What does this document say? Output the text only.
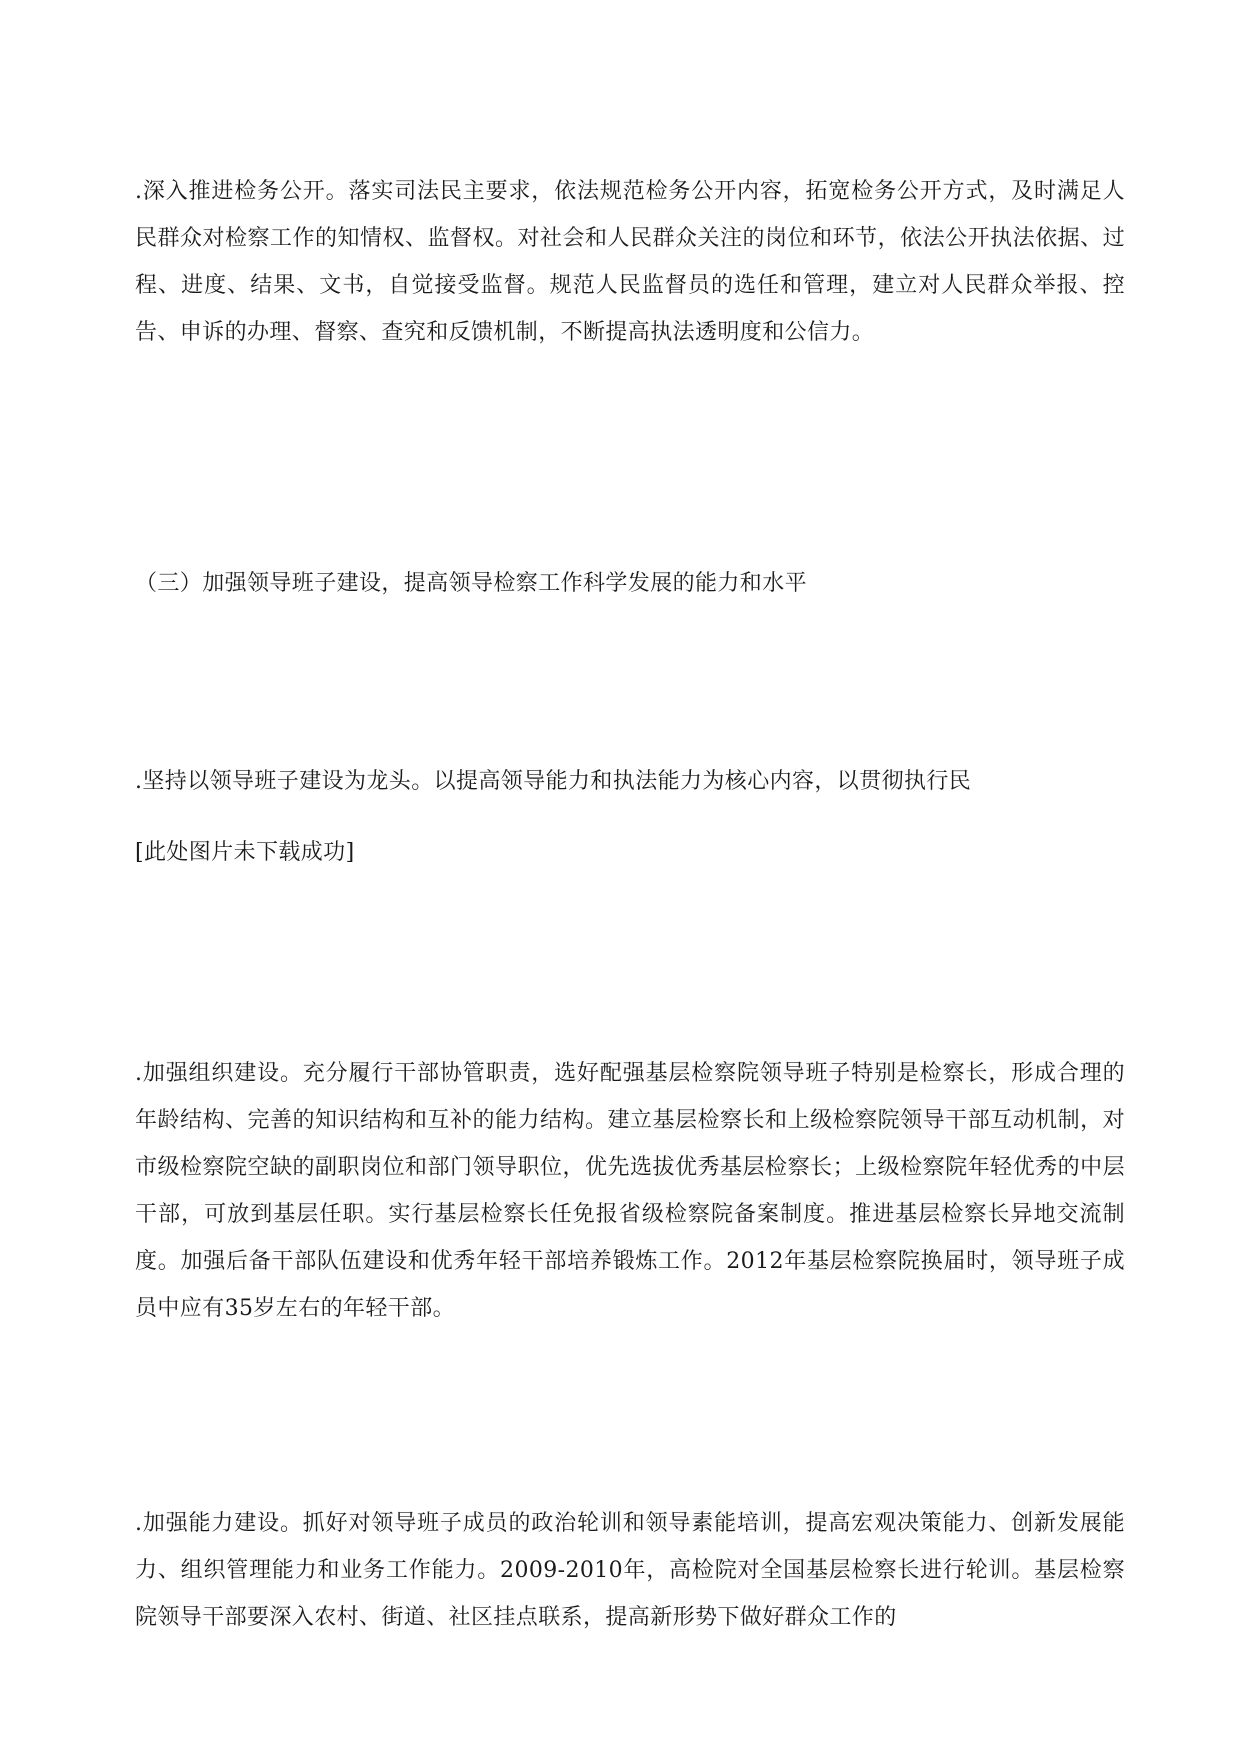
.深入推进检务公开。落实司法民主要求，依法规范检务公开内容，拓宽检务公开方式，及时满足人民群众对检察工作的知情权、监督权。对社会和人民群众关注的岗位和环节，依法公开执法依据、过程、进度、结果、文书，自觉接受监督。规范人民监督员的选任和管理，建立对人民群众举报、控告、申诉的办理、督察、查究和反馈机制，不断提高执法透明度和公信力。

（三）加强领导班子建设，提高领导检察工作科学发展的能力和水平

.坚持以领导班子建设为龙头。以提高领导能力和执法能力为核心内容，以贯彻执行民

[此处图片未下载成功]

.加强组织建设。充分履行干部协管职责，选好配强基层检察院领导班子特别是检察长，形成合理的年龄结构、完善的知识结构和互补的能力结构。建立基层检察长和上级检察院领导干部互动机制，对市级检察院空缺的副职岗位和部门领导职位，优先选拔优秀基层检察长；上级检察院年轻优秀的中层干部，可放到基层任职。实行基层检察长任免报省级检察院备案制度。推进基层检察长异地交流制度。加强后备干部队伍建设和优秀年轻干部培养锻炼工作。2012年基层检察院换届时，领导班子成员中应有35岁左右的年轻干部。

.加强能力建设。抓好对领导班子成员的政治轮训和领导素能培训，提高宏观决策能力、创新发展能力、组织管理能力和业务工作能力。2009-2010年，高检院对全国基层检察长进行轮训。基层检察院领导干部要深入农村、街道、社区挂点联系，提高新形势下做好群众工作的
